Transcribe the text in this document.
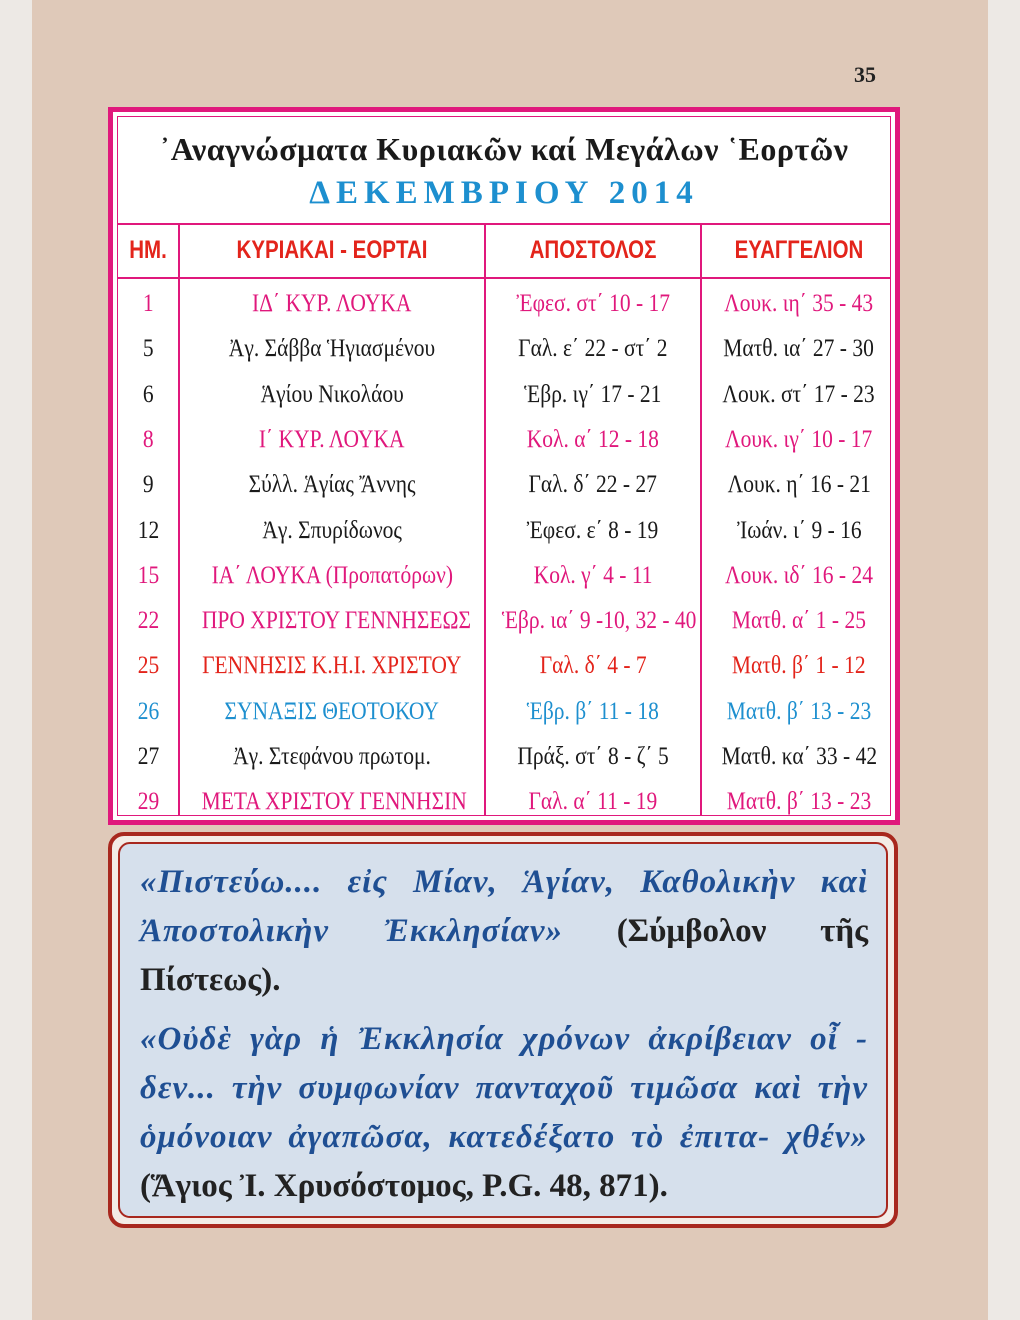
35
᾿Αναγνώσματα Κυριακῶν καί Μεγάλων ῾Εορτῶν
ΔΕΚΕΜΒΡΙΟΥ 2014
ΗΜ.	ΚΥΡΙΑΚΑΙ - ΕΟΡΤΑΙ	ΑΠΟΣΤΟΛΟΣ	ΕΥΑΓΓΕΛΙΟΝ
1	ΙΔ΄ ΚΥΡ. ΛΟΥΚΑ	Ἐφεσ. στ΄ 10 - 17	Λουκ. ιη΄ 35 - 43
5	Ἀγ. Σάββα Ἡγιασμένου	Γαλ. ε΄ 22 - στ΄ 2	Ματθ. ια΄ 27 - 30
6	Ἁγίου Νικολάου	Ἑβρ. ιγ΄ 17 - 21	Λουκ. στ΄ 17 - 23
8	Ι΄ ΚΥΡ. ΛΟΥΚΑ	Κολ. α΄ 12 - 18	Λουκ. ιγ΄ 10 - 17
9	Σύλλ. Ἁγίας Ἄννης	Γαλ. δ΄ 22 - 27	Λουκ. η΄ 16 - 21
12	Ἀγ. Σπυρίδωνος	Ἐφεσ. ε΄ 8 - 19	Ἰωάν. ι΄ 9 - 16
15	ΙΑ΄ ΛΟΥΚΑ (Προπατόρων)	Κολ. γ΄ 4 - 11	Λουκ. ιδ΄ 16 - 24
22	ΠΡΟ ΧΡΙΣΤΟΥ ΓΕΝΝΗΣΕΩΣ	Ἑβρ. ια΄ 9 -10, 32 - 40	Ματθ. α΄ 1 - 25
25	ΓΕΝΝΗΣΙΣ Κ.Η.Ι. ΧΡΙΣΤΟΥ	Γαλ. δ΄ 4 - 7	Ματθ. β΄ 1 - 12
26	ΣΥΝΑΞΙΣ ΘΕΟΤΟΚΟΥ	Ἑβρ. β΄ 11 - 18	Ματθ. β΄ 13 - 23
27	Ἀγ. Στεφάνου πρωτομ.	Πράξ. στ΄ 8 - ζ΄ 5	Ματθ. κα΄ 33 - 42
29	ΜΕΤΑ ΧΡΙΣΤΟΥ ΓΕΝΝΗΣΙΝ	Γαλ. α΄ 11 - 19	Ματθ. β΄ 13 - 23
«Πιστεύω.... εἰς Μίαν, Ἁγίαν, Καθολικὴν καὶ Ἀποστολικὴν Ἐκκλησίαν» (Σύμβολον τῆς Πίστεως).
«Οὐδὲ γὰρ ἡ Ἐκκλησία χρόνων ἀκρίβειαν οἶ - δεν... τὴν συμφωνίαν πανταχοῦ τιμῶσα καὶ τὴν ὁμόνοιαν ἀγαπῶσα, κατεδέξατο τὸ ἐπιτα- χθέν» (Ἅγιος Ἰ. Χρυσόστομος, P.G. 48, 871).
